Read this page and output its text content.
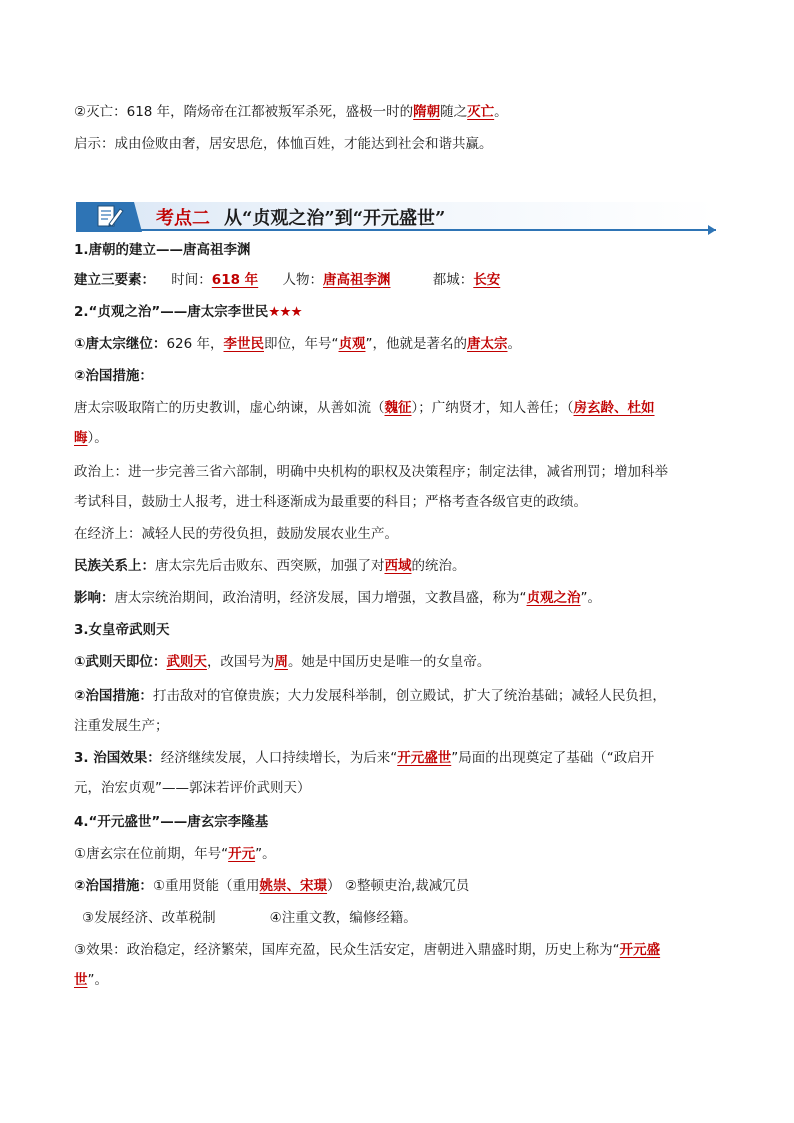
②灭亡：618 年，隋炀帝在江都被叛军杀死，盛极一时的隋朝随之灭亡。
启示：成由俭败由奢，居安思危，体恤百姓，才能达到社会和谐共赢。
考点二 从“贞观之治”到“开元盛世”
1.唐朝的建立——唐高祖李渊
建立三要素： 时间：618 年 人物：唐高祖李渊	都城：长安
2.“贞观之治”——唐太宗李世民★★★
①唐太宗继位：626 年，李世民即位，年号“贞观”，他就是著名的唐太宗。
②治国措施：
唐太宗吸取隋亡的历史教训，虚心纳谏，从善如流（魏征）；广纳贤才，知人善任；（房玄龄、杜如
晦）。
政治上：进一步完善三省六部制，明确中央机构的职权及决策程序；制定法律，减省刑罚；增加科举
考试科目，鼓励士人报考，进士科逐渐成为最重要的科目；严格考查各级官吏的政绩。
在经济上：减轻人民的劳役负担，鼓励发展农业生产。
民族关系上：唐太宗先后击败东、西突厥，加强了对西域的统治。
影响：唐太宗统治期间，政治清明，经济发展，国力增强，文教昌盛，称为“贞观之治”。
3.女皇帝武则天
①武则天即位：武则天，改国号为周。她是中国历史是唯一的女皇帝。
②治国措施：打击敌对的官僚贵族；大力发展科举制，创立殿试，扩大了统治基础；减轻人民负担，
注重发展生产；
3. 治国效果：经济继续发展，人口持续增长，为后来“开元盛世”局面的出现奠定了基础（“政启开
元，治宏贞观”——郭沫若评价武则天）
4.“开元盛世”——唐玄宗李隆基
①唐玄宗在位前期，年号“开元”。
②治国措施：①重用贤能（重用姚崇、宋璟） ②整顿吏治,裁减冗员
③发展经济、改革税制	④注重文教，编修经籍。
③效果：政治稳定，经济繁荣，国库充盈，民众生活安定，唐朝进入鼎盛时期，历史上称为“开元盛
世”。
